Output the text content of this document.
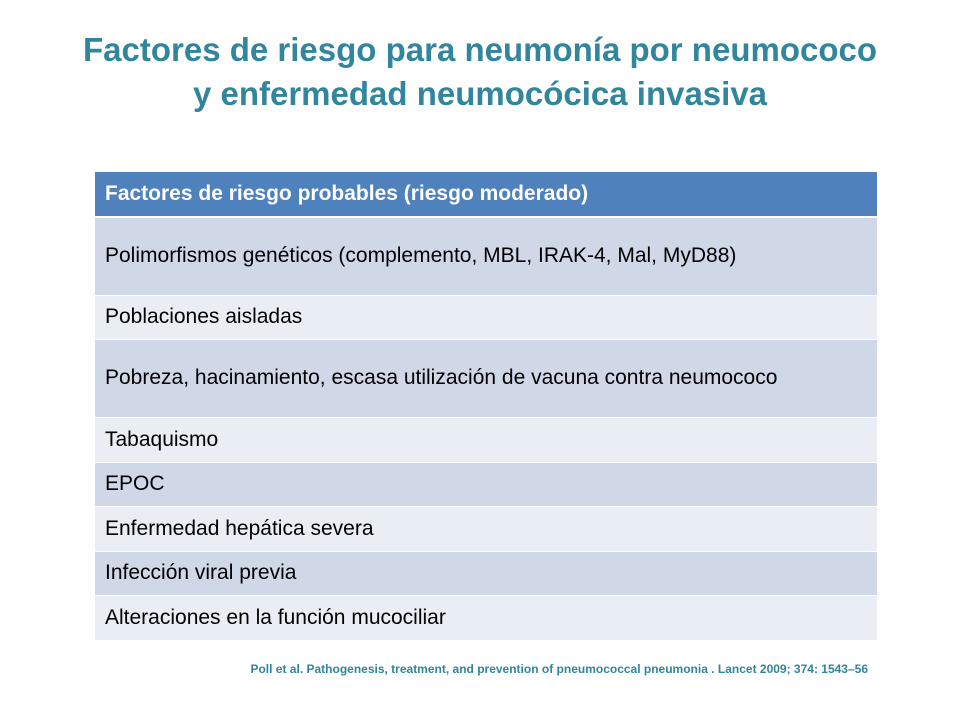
Factores de riesgo para neumonía por neumococo y enfermedad neumocócica invasiva
Factores de riesgo probables (riesgo moderado)
Polimorfismos genéticos (complemento, MBL, IRAK-4, Mal, MyD88)
Poblaciones aisladas
Pobreza, hacinamiento, escasa utilización de vacuna contra neumococo
Tabaquismo
EPOC
Enfermedad hepática severa
Infección viral previa
Alteraciones en la función mucociliar
Poll et al. Pathogenesis, treatment, and prevention of pneumococcal pneumonia . Lancet 2009; 374: 1543–56
